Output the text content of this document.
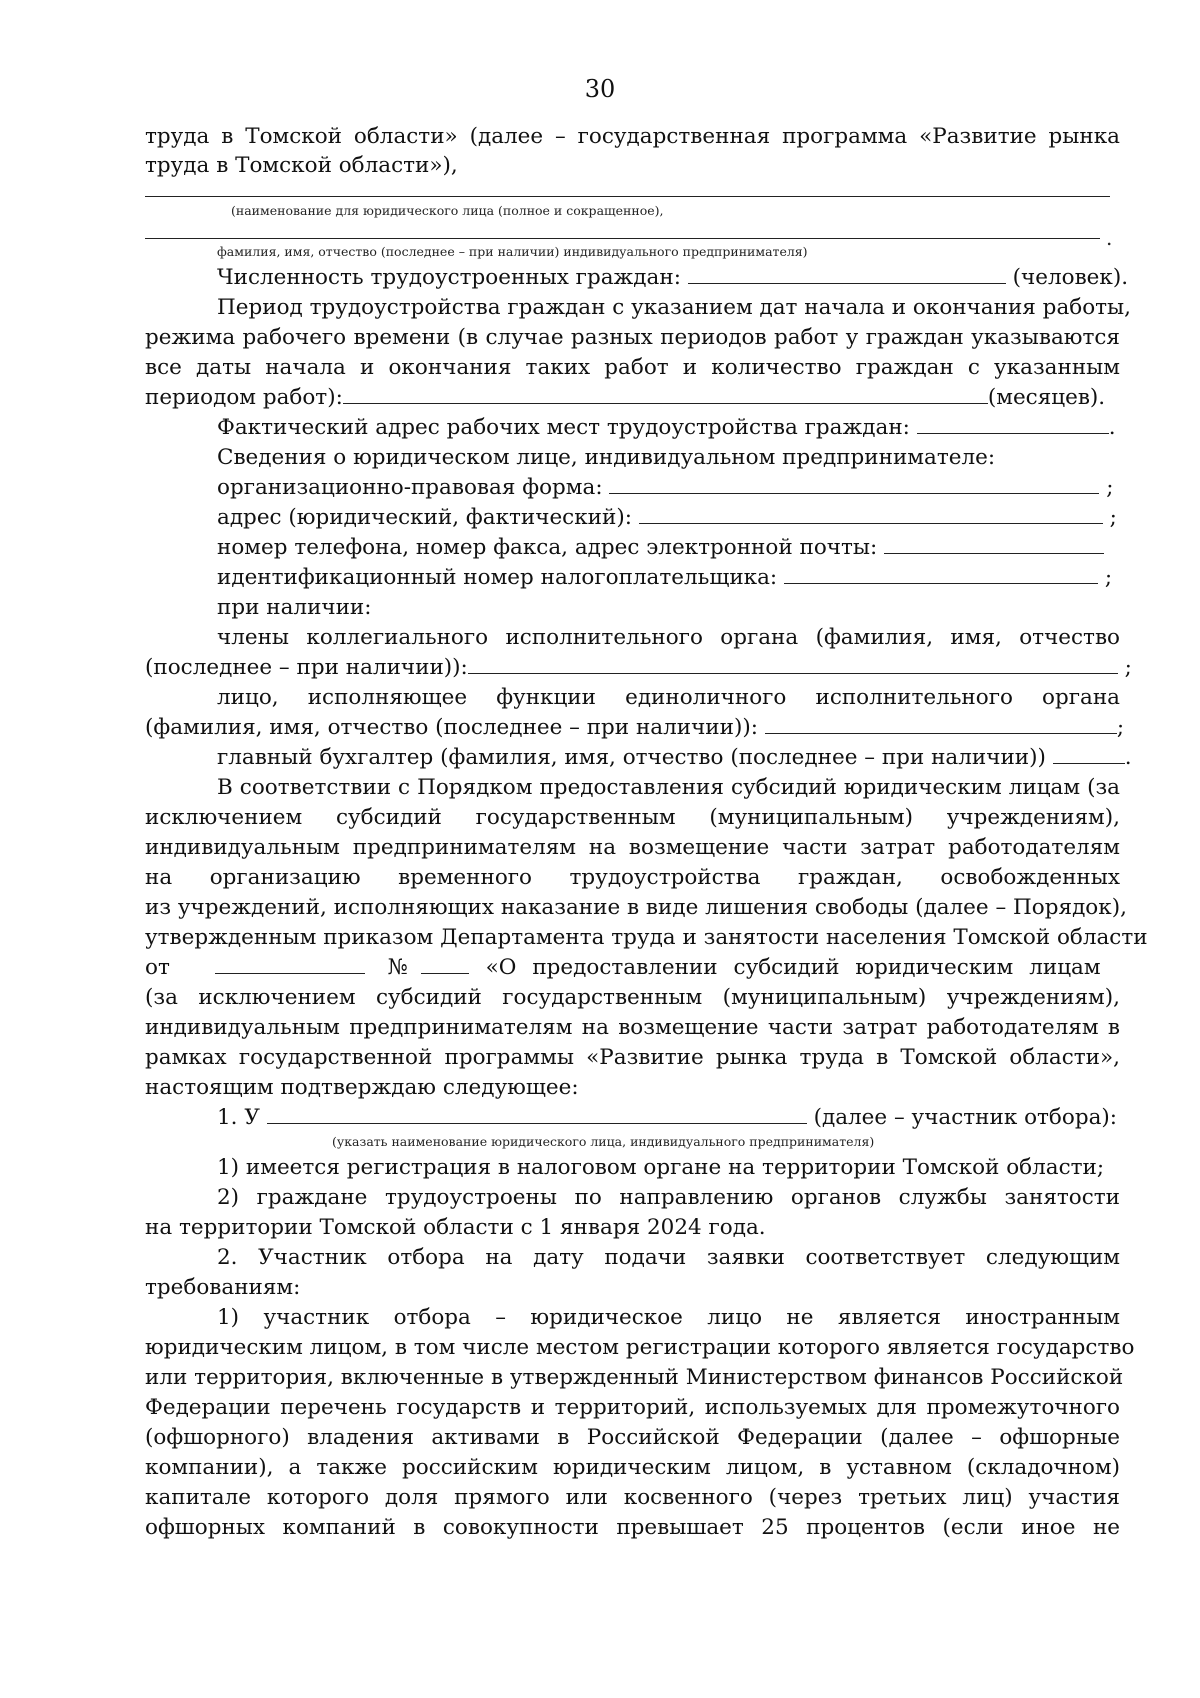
30
труда в Томской области» (далее – государственная программа «Развитие рынка
труда в Томской области»),
(наименование для юридического лица (полное и сокращенное),
.
фамилия, имя, отчество (последнее – при наличии) индивидуального предпринимателя)
Численность трудоустроенных граждан:	(человек).
Период трудоустройства граждан с указанием дат начала и окончания работы,
режима рабочего времени (в случае разных периодов работ у граждан указываются
все даты начала и окончания таких работ и количество граждан с указанным
периодом работ):	(месяцев).
Фактический адрес рабочих мест трудоустройства граждан:	.
Сведения о юридическом лице, индивидуальном предпринимателе:
организационно-правовая форма:	;
адрес (юридический, фактический):	;
номер телефона, номер факса, адрес электронной почты:
идентификационный номер налогоплательщика:	;
при наличии:
члены коллегиального исполнительного органа (фамилия, имя, отчество
(последнее – при наличии)):	;
лицо, исполняющее функции единоличного исполнительного органа
(фамилия, имя, отчество (последнее – при наличии)):	;
главный бухгалтер (фамилия, имя, отчество (последнее – при наличии))	.
В соответствии с Порядком предоставления субсидий юридическим лицам (за
исключением субсидий государственным (муниципальным) учреждениям),
индивидуальным предпринимателям на возмещение части затрат работодателям
на организацию временного трудоустройства граждан, освобожденных
из учреждений, исполняющих наказание в виде лишения свободы (далее – Порядок),
утвержденным приказом Департамента труда и занятости населения Томской области
от	№	«О предоставлении субсидий юридическим лицам
(за исключением субсидий государственным (муниципальным) учреждениям),
индивидуальным предпринимателям на возмещение части затрат работодателям в
рамках государственной программы «Развитие рынка труда в Томской области»,
настоящим подтверждаю следующее:
1. У	(далее – участник отбора):
(указать наименование юридического лица, индивидуального предпринимателя)
1) имеется регистрация в налоговом органе на территории Томской области;
2) граждане трудоустроены по направлению органов службы занятости
на территории Томской области с 1 января 2024 года.
2. Участник отбора на дату подачи заявки соответствует следующим
требованиям:
1) участник отбора – юридическое лицо не является иностранным
юридическим лицом, в том числе местом регистрации которого является государство
или территория, включенные в утвержденный Министерством финансов Российской
Федерации перечень государств и территорий, используемых для промежуточного
(офшорного) владения активами в Российской Федерации (далее – офшорные
компании), а также российским юридическим лицом, в уставном (складочном)
капитале которого доля прямого или косвенного (через третьих лиц) участия
офшорных компаний в совокупности превышает 25 процентов (если иное не
